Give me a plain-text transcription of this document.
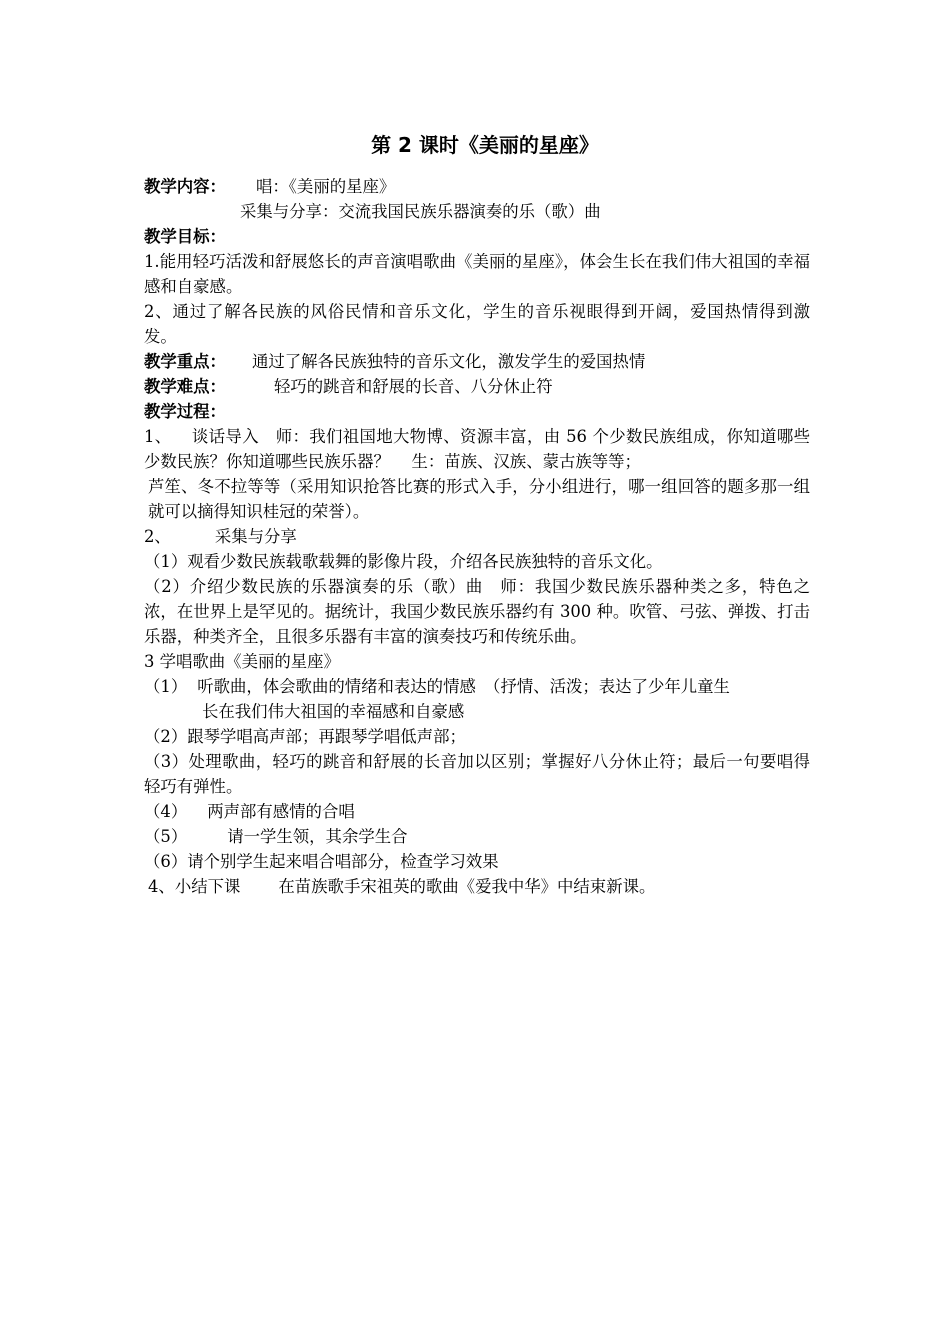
第 2 课时《美丽的星座》
教学内容： 唱：《美丽的星座》
采集与分享：交流我国民族乐器演奏的乐（歌）曲
教学目标：

1.能用轻巧活泼和舒展悠长的声音演唱歌曲《美丽的星座》，体会生长在我们伟大祖国的幸福感和自豪感。

2、通过了解各民族的风俗民情和音乐文化，学生的音乐视眼得到开阔，爱国热情得到激发。

教学重点： 通过了解各民族独特的音乐文化，激发学生的爱国热情
教学难点：	轻巧的跳音和舒展的长音、八分休止符
教学过程：

1、 谈话导入　师：我们祖国地大物博、资源丰富，由 56 个少数民族组成，你知道哪些少数民族？你知道哪些民族乐器？　 生：苗族、汉族、蒙古族等等；

芦笙、冬不拉等等（采用知识抢答比赛的形式入手，分小组进行，哪一组回答的题多那一组就可以摘得知识桂冠的荣誉）。

2、	采集与分享

（1）观看少数民族载歌载舞的影像片段，介绍各民族独特的音乐文化。

（2）介绍少数民族的乐器演奏的乐（歌）曲　师：我国少数民族乐器种类之多，特色之浓，在世界上是罕见的。据统计，我国少数民族乐器约有 300 种。吹管、弓弦、弹拨、打击乐器，种类齐全，且很多乐器有丰富的演奏技巧和传统乐曲。

3 学唱歌曲《美丽的星座》
（1） 听歌曲，体会歌曲的情绪和表达的情感　（抒情、活泼；表达了少年儿童生
长在我们伟大祖国的幸福感和自豪感
（2）跟琴学唱高声部；再跟琴学唱低声部；

（3）处理歌曲，轻巧的跳音和舒展的长音加以区别；掌握好八分休止符；最后一句要唱得轻巧有弹性。

（4） 两声部有感情的合唱
（5） 请一学生领，其余学生合
（6）请个别学生起来唱合唱部分，检查学习效果
4、小结下课 在苗族歌手宋祖英的歌曲《爱我中华》中结束新课。
